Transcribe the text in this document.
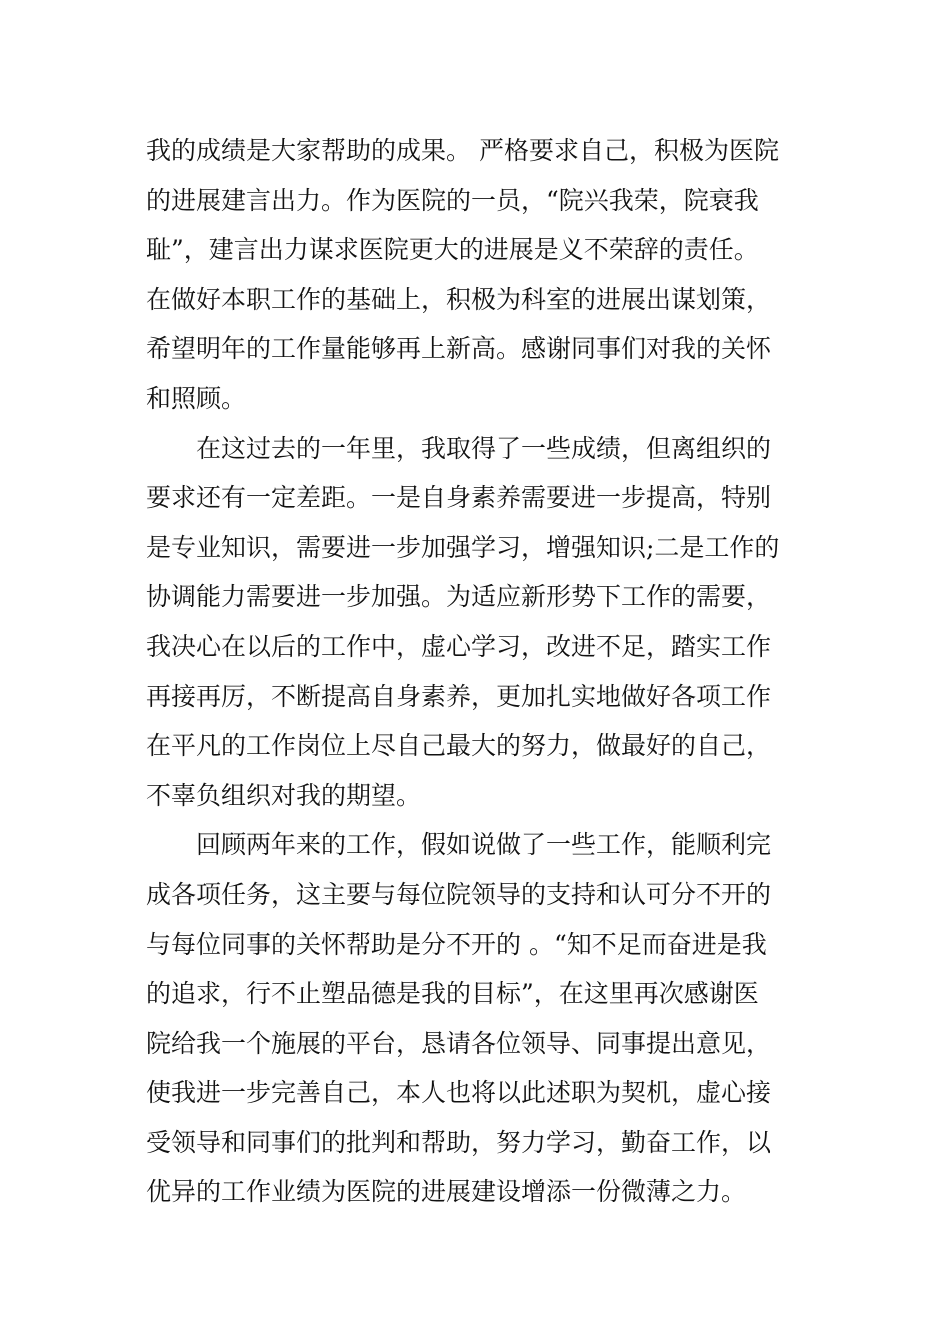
我的成绩是大家帮助的成果。 严格要求自己，积极为医院
的进展建言出力。作为医院的一员，“院兴我荣，院衰我
耻”，建言出力谋求医院更大的进展是义不荣辞的责任。
在做好本职工作的基础上，积极为科室的进展出谋划策，
希望明年的工作量能够再上新高。感谢同事们对我的关怀
和照顾。
在这过去的一年里，我取得了一些成绩，但离组织的
要求还有一定差距。一是自身素养需要进一步提高，特别
是专业知识，需要进一步加强学习，增强知识;二是工作的
协调能力需要进一步加强。为适应新形势下工作的需要，
我决心在以后的工作中，虚心学习，改进不足，踏实工作
再接再厉，不断提高自身素养，更加扎实地做好各项工作
在平凡的工作岗位上尽自己最大的努力，做最好的自己，
不辜负组织对我的期望。
回顾两年来的工作，假如说做了一些工作，能顺利完
成各项任务，这主要与每位院领导的支持和认可分不开的
与每位同事的关怀帮助是分不开的 。“知不足而奋进是我
的追求，行不止塑品德是我的目标”，在这里再次感谢医
院给我一个施展的平台，恳请各位领导、同事提出意见，
使我进一步完善自己，本人也将以此述职为契机，虚心接
受领导和同事们的批判和帮助，努力学习，勤奋工作，以
优异的工作业绩为医院的进展建设增添一份微薄之力。
